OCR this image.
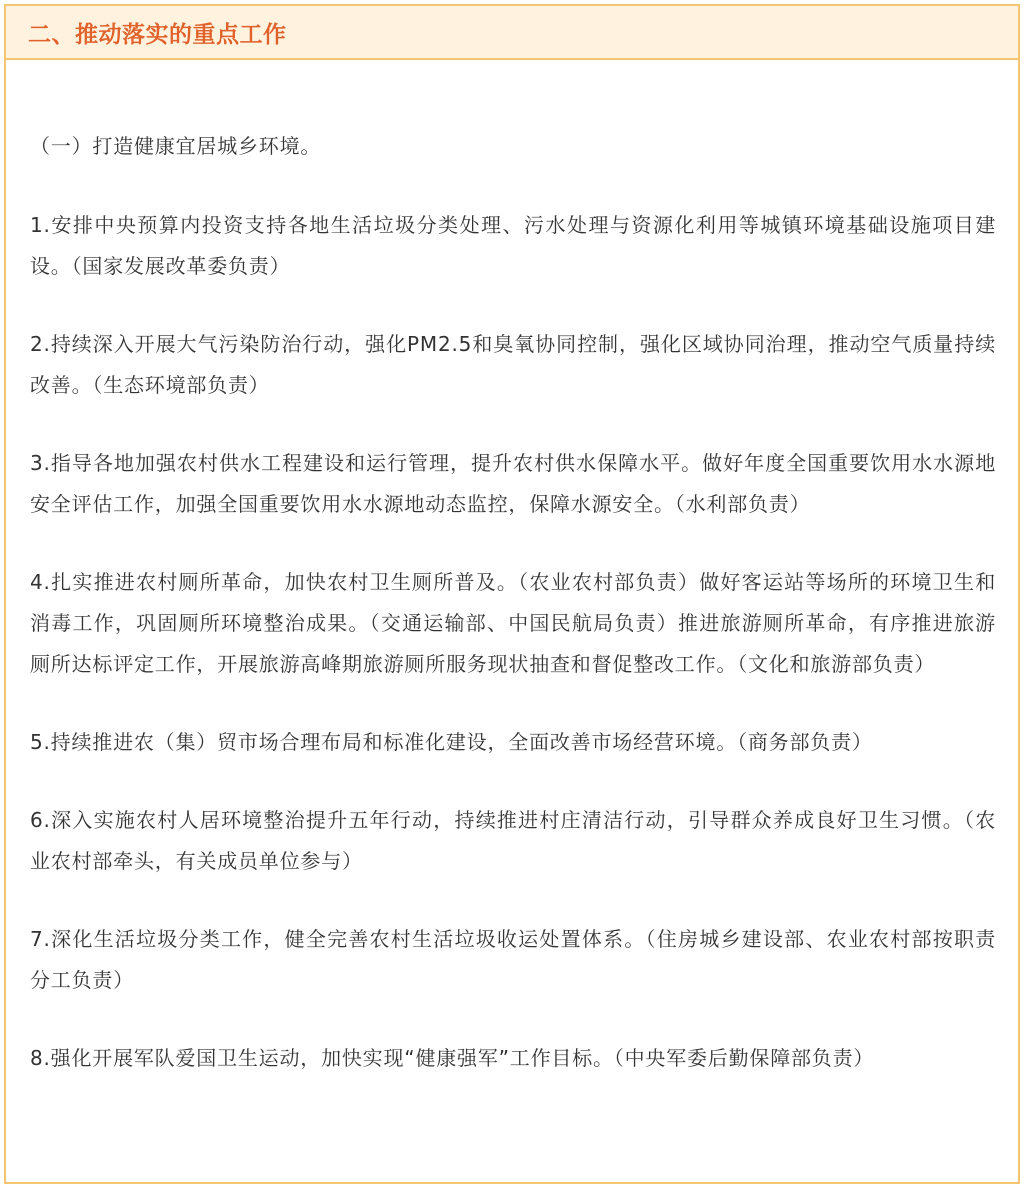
二、推动落实的重点工作

（一）打造健康宜居城乡环境。

1.安排中央预算内投资支持各地生活垃圾分类处理、污水处理与资源化利用等城镇环境基础设施项目建设。（国家发展改革委负责）

2.持续深入开展大气污染防治行动，强化PM2.5和臭氧协同控制，强化区域协同治理，推动空气质量持续改善。（生态环境部负责）

3.指导各地加强农村供水工程建设和运行管理，提升农村供水保障水平。做好年度全国重要饮用水水源地安全评估工作，加强全国重要饮用水水源地动态监控，保障水源安全。（水利部负责）

4.扎实推进农村厕所革命，加快农村卫生厕所普及。（农业农村部负责）做好客运站等场所的环境卫生和消毒工作，巩固厕所环境整治成果。（交通运输部、中国民航局负责）推进旅游厕所革命，有序推进旅游厕所达标评定工作，开展旅游高峰期旅游厕所服务现状抽查和督促整改工作。（文化和旅游部负责）

5.持续推进农（集）贸市场合理布局和标准化建设，全面改善市场经营环境。（商务部负责）

6.深入实施农村人居环境整治提升五年行动，持续推进村庄清洁行动，引导群众养成良好卫生习惯。（农业农村部牵头，有关成员单位参与）

7.深化生活垃圾分类工作，健全完善农村生活垃圾收运处置体系。（住房城乡建设部、农业农村部按职责分工负责）

8.强化开展军队爱国卫生运动，加快实现“健康强军”工作目标。（中央军委后勤保障部负责）
